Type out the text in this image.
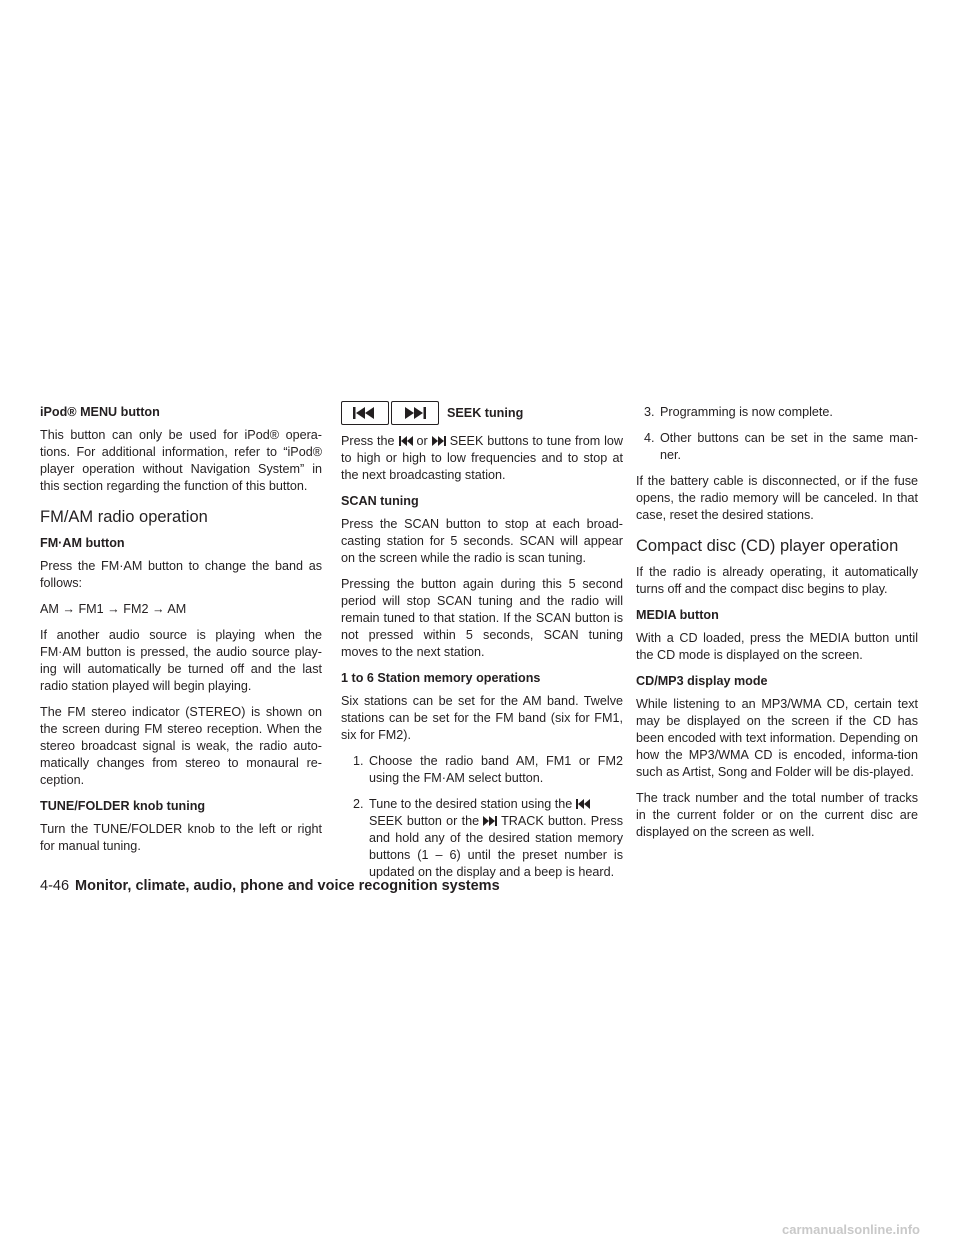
iPod® MENU button

This button can only be used for iPod® opera-tions. For additional information, refer to “iPod® player operation without Navigation System” in this section regarding the function of this button.

FM/AM radio operation

FM·AM button

Press the FM·AM button to change the band as follows:

AM → FM1 → FM2 → AM

If another audio source is playing when the FM·AM button is pressed, the audio source play-ing will automatically be turned off and the last radio station played will begin playing.

The FM stereo indicator (STEREO) is shown on the screen during FM stereo reception. When the stereo broadcast signal is weak, the radio auto-matically changes from stereo to monaural re-ception.

TUNE/FOLDER knob tuning

Turn the TUNE/FOLDER knob to the left or right for manual tuning.

SEEK tuning

Press the or SEEK buttons to tune from low to high or high to low frequencies and to stop at the next broadcasting station.

SCAN tuning

Press the SCAN button to stop at each broad-casting station for 5 seconds. SCAN will appear on the screen while the radio is scan tuning.

Pressing the button again during this 5 second period will stop SCAN tuning and the radio will remain tuned to that station. If the SCAN button is not pressed within 5 seconds, SCAN tuning moves to the next station.

1 to 6 Station memory operations

Six stations can be set for the AM band. Twelve stations can be set for the FM band (six for FM1, six for FM2).

1. Choose the radio band AM, FM1 or FM2 using the FM·AM select button.
2. Tune to the desired station using the
SEEK button or the TRACK button. Press and hold any of the desired station memory buttons (1 – 6) until the preset number is updated on the display and a beep is heard.
3. Programming is now complete.
4. Other buttons can be set in the same man-ner.

If the battery cable is disconnected, or if the fuse opens, the radio memory will be canceled. In that case, reset the desired stations.

Compact disc (CD) player operation

If the radio is already operating, it automatically turns off and the compact disc begins to play.

MEDIA button

With a CD loaded, press the MEDIA button until the CD mode is displayed on the screen.

CD/MP3 display mode

While listening to an MP3/WMA CD, certain text may be displayed on the screen if the CD has been encoded with text information. Depending on how the MP3/WMA CD is encoded, informa-tion such as Artist, Song and Folder will be dis-played.

The track number and the total number of tracks in the current folder or on the current disc are displayed on the screen as well.

4-46 Monitor, climate, audio, phone and voice recognition systems
carmanualsonline.info
